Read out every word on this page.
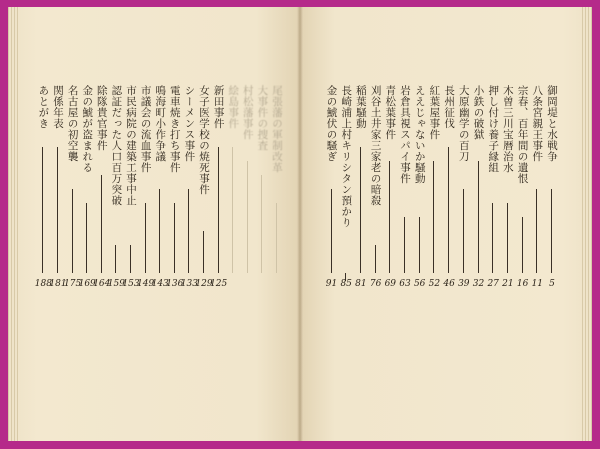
尾張藩の軍制改革
大事件の捜査
村松藩事件
絵島事件
新田事件
125
女子医学校の焼死事件
129
シーメンス事件
133
電車焼き打ち事件
136
鳴海町小作争議
143
市議会の流血事件
149
市民病院の建築工事中止
153
認証だった人口百万突破
159
除隊貴官事件
164
金の鯱が盗まれる
169
名古屋の初空襲
175
関係年表
181
あとがき
188
御岡堤と水戦争
5
八条宮親王事件
11
宗春、百年間の遺恨
16
木曽三川宝暦治水
21
押し付け養子縁組
27
小鉄の破獄
32
大原幽学の百刀
39
長州征伐
46
紅葉屋事件
52
ええじゃないか騒動
56
岩倉具視スパイ事件
63
青松葉事件
69
刈谷土井家三家老の暗殺
76
稲葉騒動
81
長崎浦上村キリシタン預かり
85
金の鯱伏の騒ぎ
91
